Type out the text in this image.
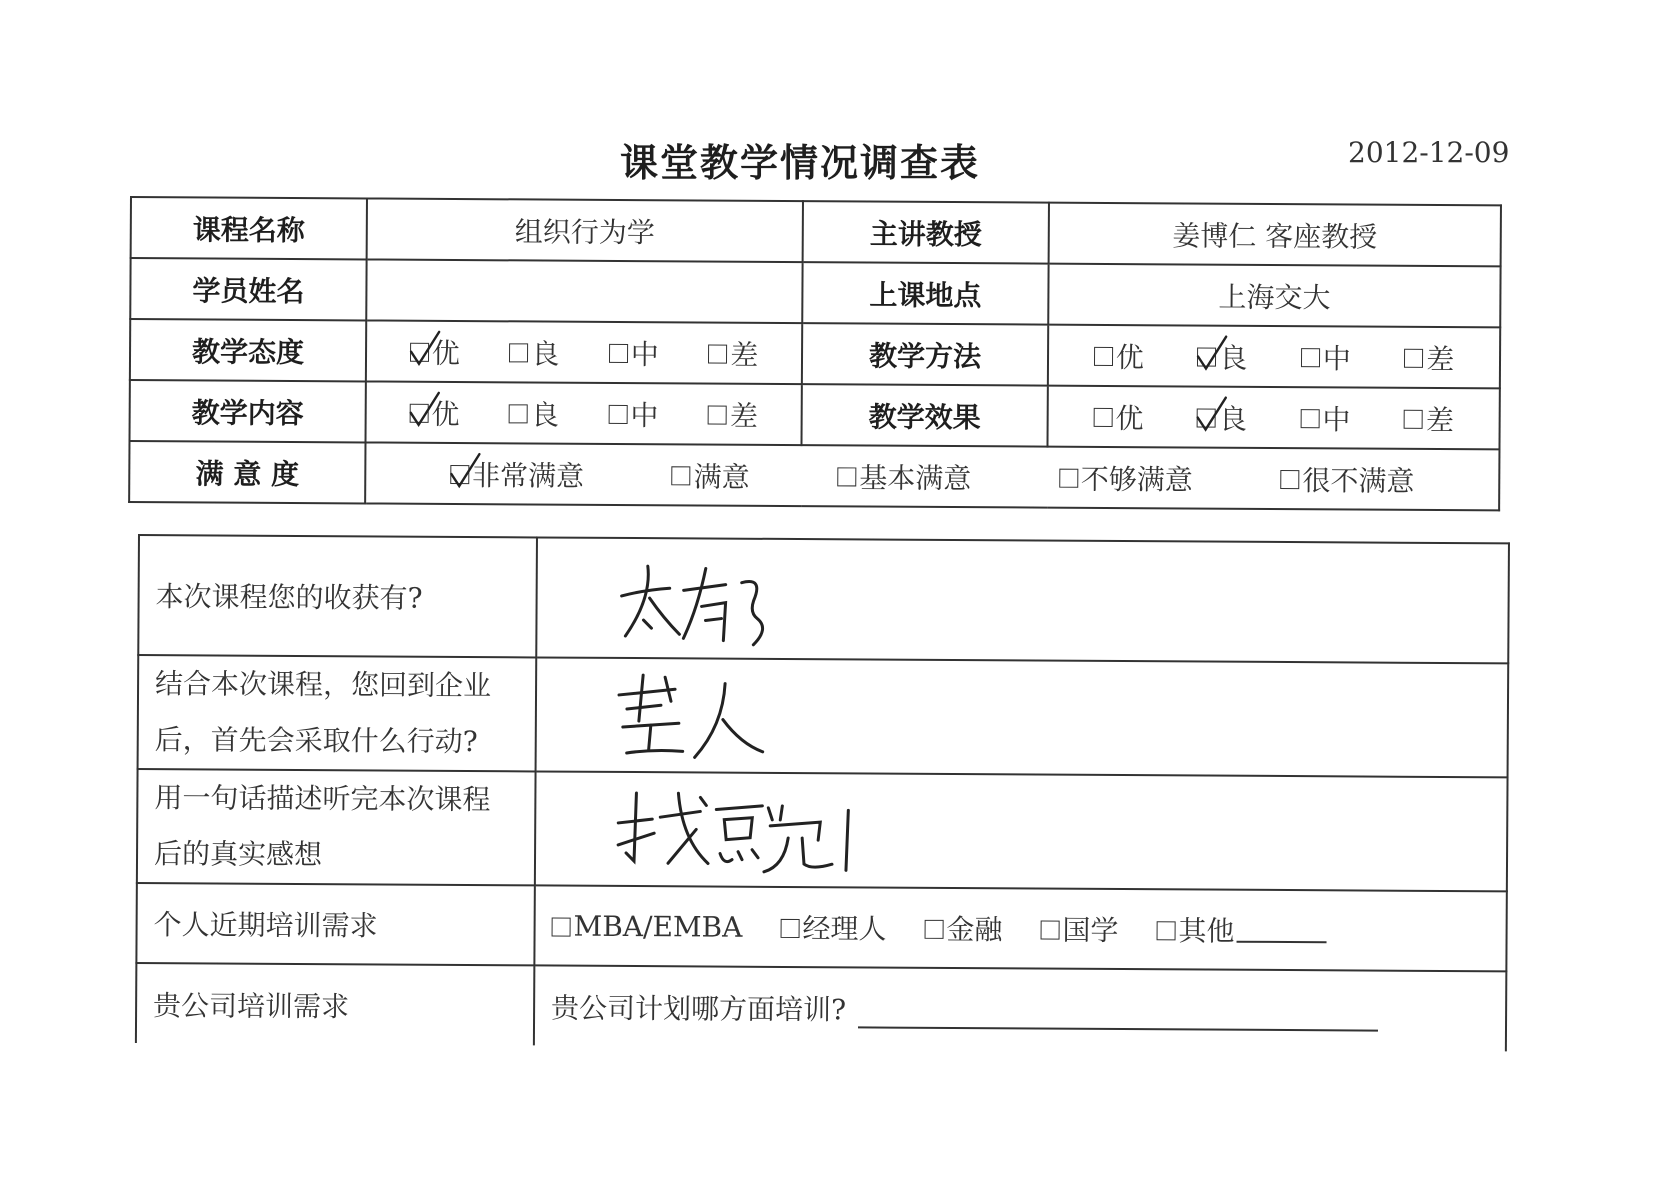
课堂教学情况调查表	2012-12-09
课程名称	组织行为学	主讲教授	姜博仁 客座教授
学员姓名		上课地点	上海交大
教学态度	优 良 中 差	教学方法	优 良 中 差

教学内容	优 良 中 差	教学效果	优 良 中 差

满 意 度	非常满意 满意 基本满意 不够满意 很不满意		
本次课程您的收获有?	

结合本次课程，您回到企业
后，首先会采取什么行动?

用一句话描述听完本次课程
后的真实感想

个人近期培训需求	MBA/EMBA 经理人 金融 国学 其他

贵公司培训需求	贵公司计划哪方面培训?
